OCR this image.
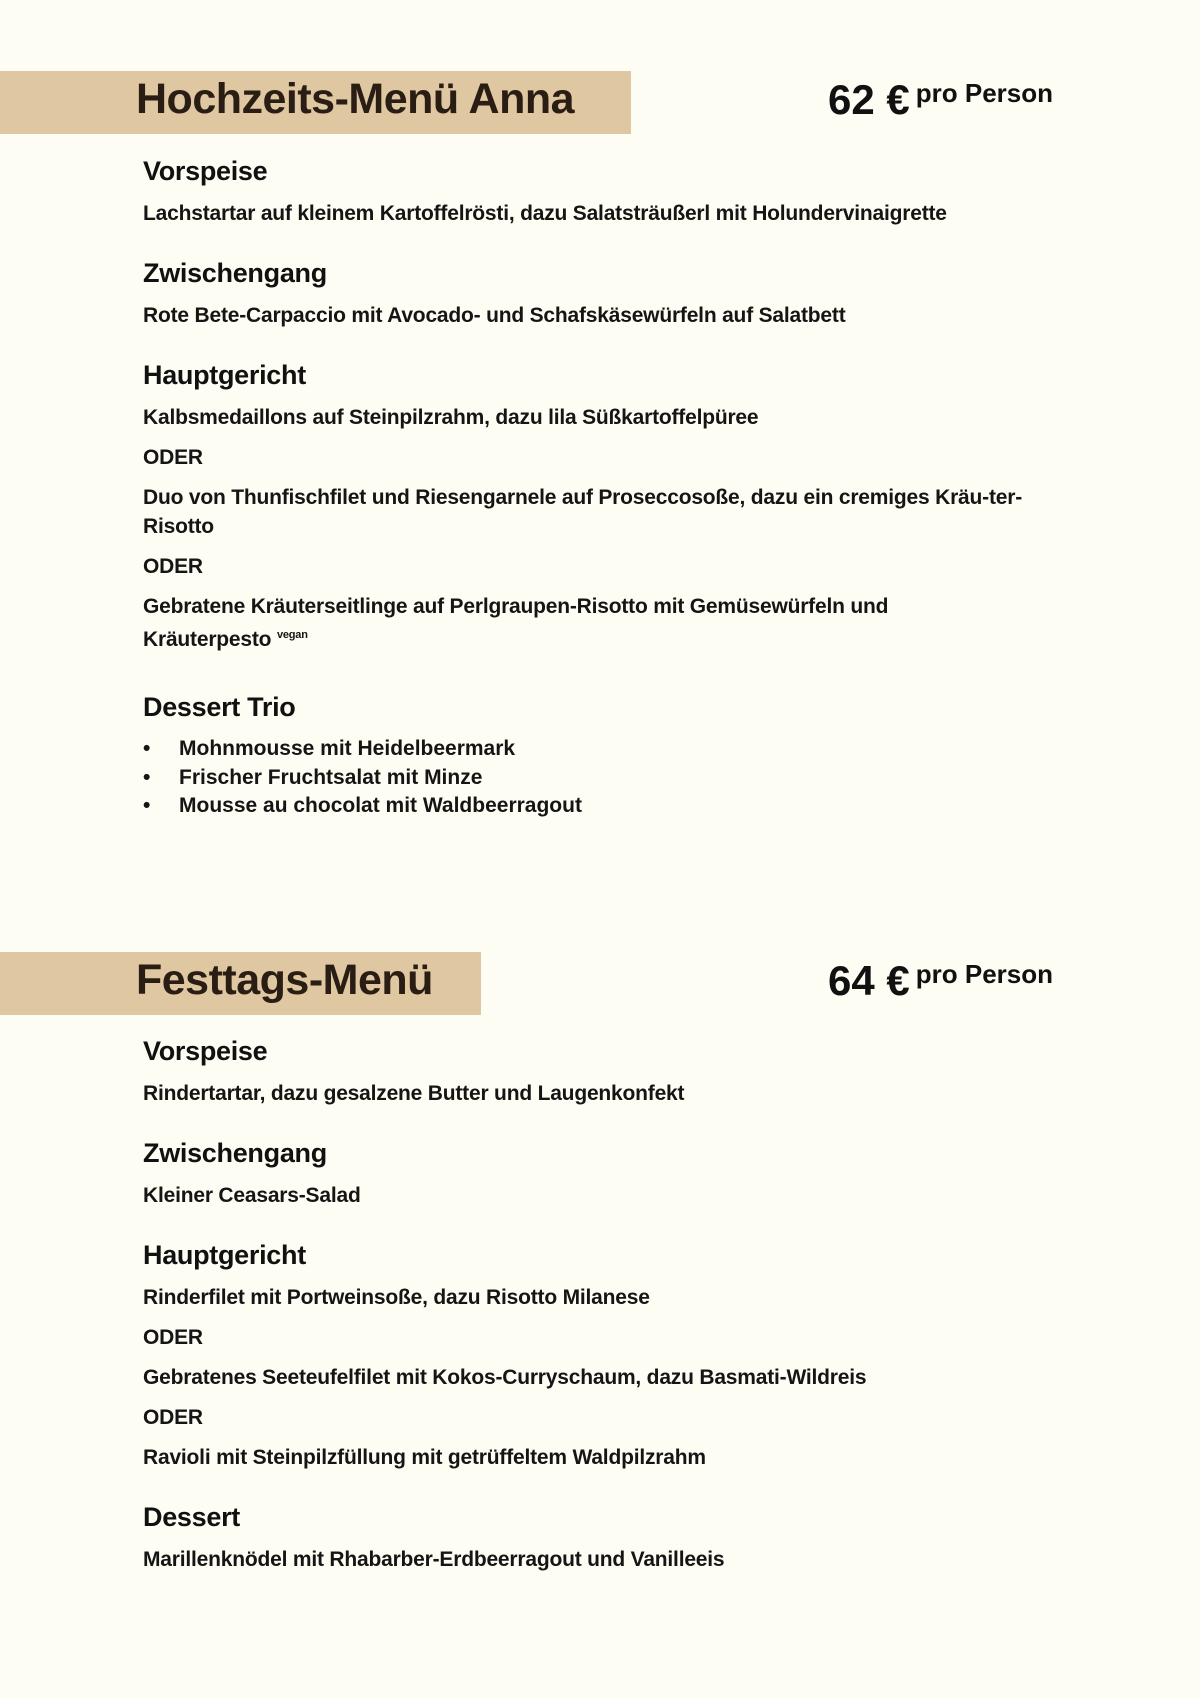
Hochzeits-Menü Anna	62 € pro Person
Vorspeise

Lachstartar auf kleinem Kartoffelrösti, dazu Salatsträußerl mit Holundervinaigrette

Zwischengang

Rote Bete-Carpaccio mit Avocado- und Schafskäsewürfeln auf Salatbett

Hauptgericht

Kalbsmedaillons auf Steinpilzrahm, dazu lila Süßkartoffelpüree

ODER

Duo von Thunfischfilet und Riesengarnele auf Proseccosoße, dazu ein cremiges Kräu-ter-Risotto

ODER

Gebratene Kräuterseitlinge auf Perlgraupen-Risotto mit Gemüsewürfeln und Kräuterpesto $^{vegan}$

Dessert Trio
• Mohnmousse mit Heidelbeermark
• Frischer Fruchtsalat mit Minze
• Mousse au chocolat mit Waldbeerragout
Festtags-Menü	64 € pro Person
Vorspeise

Rindertartar, dazu gesalzene Butter und Laugenkonfekt

Zwischengang

Kleiner Ceasars-Salad

Hauptgericht

Rinderfilet mit Portweinsoße, dazu Risotto Milanese

ODER

Gebratenes Seeteufelfilet mit Kokos-Curryschaum, dazu Basmati-Wildreis

ODER

Ravioli mit Steinpilzfüllung mit getrüffeltem Waldpilzrahm

Dessert

Marillenknödel mit Rhabarber-Erdbeerragout und Vanilleeis
